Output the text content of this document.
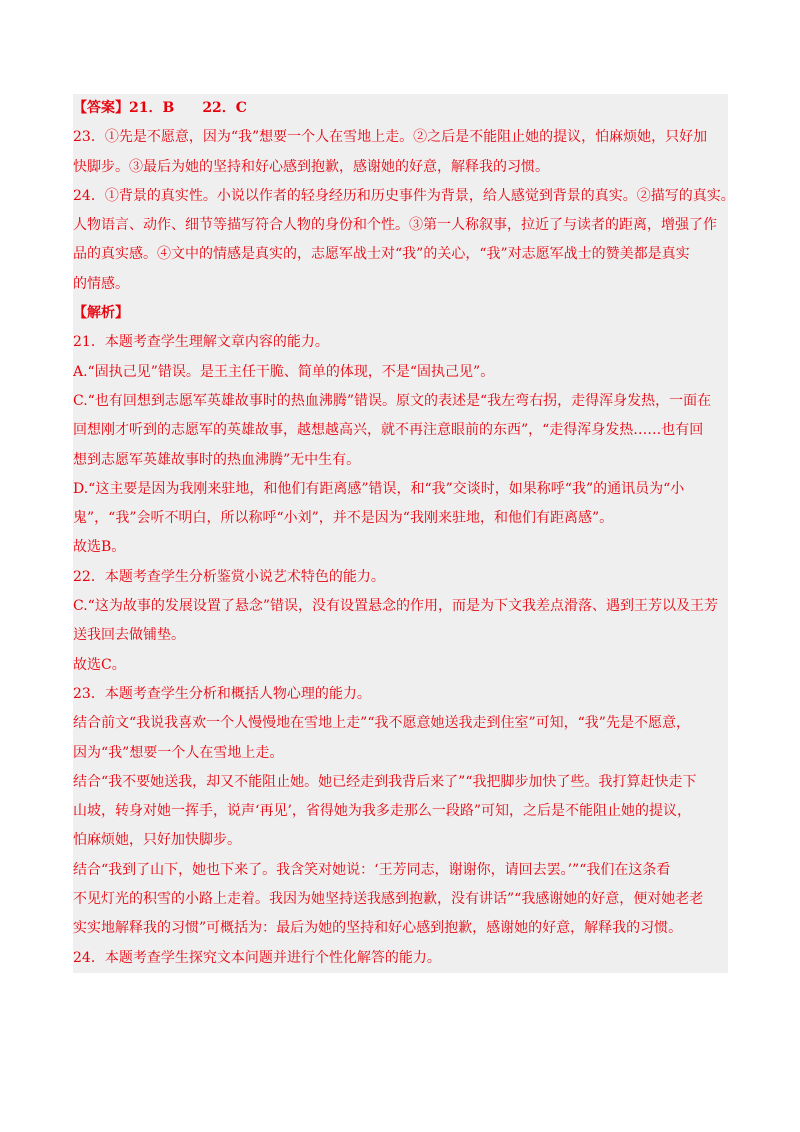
【答案】21．B　　22．C
23．①先是不愿意，因为“我”想要一个人在雪地上走。②之后是不能阻止她的提议，怕麻烦她，只好加
快脚步。③最后为她的坚持和好心感到抱歉，感谢她的好意，解释我的习惯。
24．①背景的真实性。小说以作者的轻身经历和历史事件为背景，给人感觉到背景的真实。②描写的真实。
人物语言、动作、细节等描写符合人物的身份和个性。③第一人称叙事，拉近了与读者的距离，增强了作
品的真实感。④文中的情感是真实的，志愿军战士对“我”的关心，“我”对志愿军战士的赞美都是真实
的情感。
【解析】
21．本题考查学生理解文章内容的能力。
A.“固执己见”错误。是王主任干脆、简单的体现，不是“固执己见”。
C.“也有回想到志愿军英雄故事时的热血沸腾”错误。原文的表述是“我左弯右拐，走得浑身发热，一面在
回想刚才听到的志愿军的英雄故事，越想越高兴，就不再注意眼前的东西”，“走得浑身发热……也有回
想到志愿军英雄故事时的热血沸腾”无中生有。
D.“这主要是因为我刚来驻地，和他们有距离感”错误，和“我”交谈时，如果称呼“我”的通讯员为“小
鬼”，“我”会听不明白，所以称呼“小刘”，并不是因为“我刚来驻地，和他们有距离感”。
故选B。
22．本题考查学生分析鉴赏小说艺术特色的能力。
C.“这为故事的发展设置了悬念”错误，没有设置悬念的作用，而是为下文我差点滑落、遇到王芳以及王芳
送我回去做铺垫。
故选C。
23．本题考查学生分析和概括人物心理的能力。
结合前文“我说我喜欢一个人慢慢地在雪地上走”“我不愿意她送我走到住室”可知，“我”先是不愿意，
因为“我”想要一个人在雪地上走。
结合“我不要她送我，却又不能阻止她。她已经走到我背后来了”“我把脚步加快了些。我打算赶快走下
山坡，转身对她一挥手，说声‘再见’，省得她为我多走那么一段路”可知，之后是不能阻止她的提议，
怕麻烦她，只好加快脚步。
结合“我到了山下，她也下来了。我含笑对她说：‘王芳同志，谢谢你，请回去罢。’”“我们在这条看
不见灯光的积雪的小路上走着。我因为她坚持送我感到抱歉，没有讲话”“我感谢她的好意，便对她老老
实实地解释我的习惯”可概括为：最后为她的坚持和好心感到抱歉，感谢她的好意，解释我的习惯。
24．本题考查学生探究文本问题并进行个性化解答的能力。
